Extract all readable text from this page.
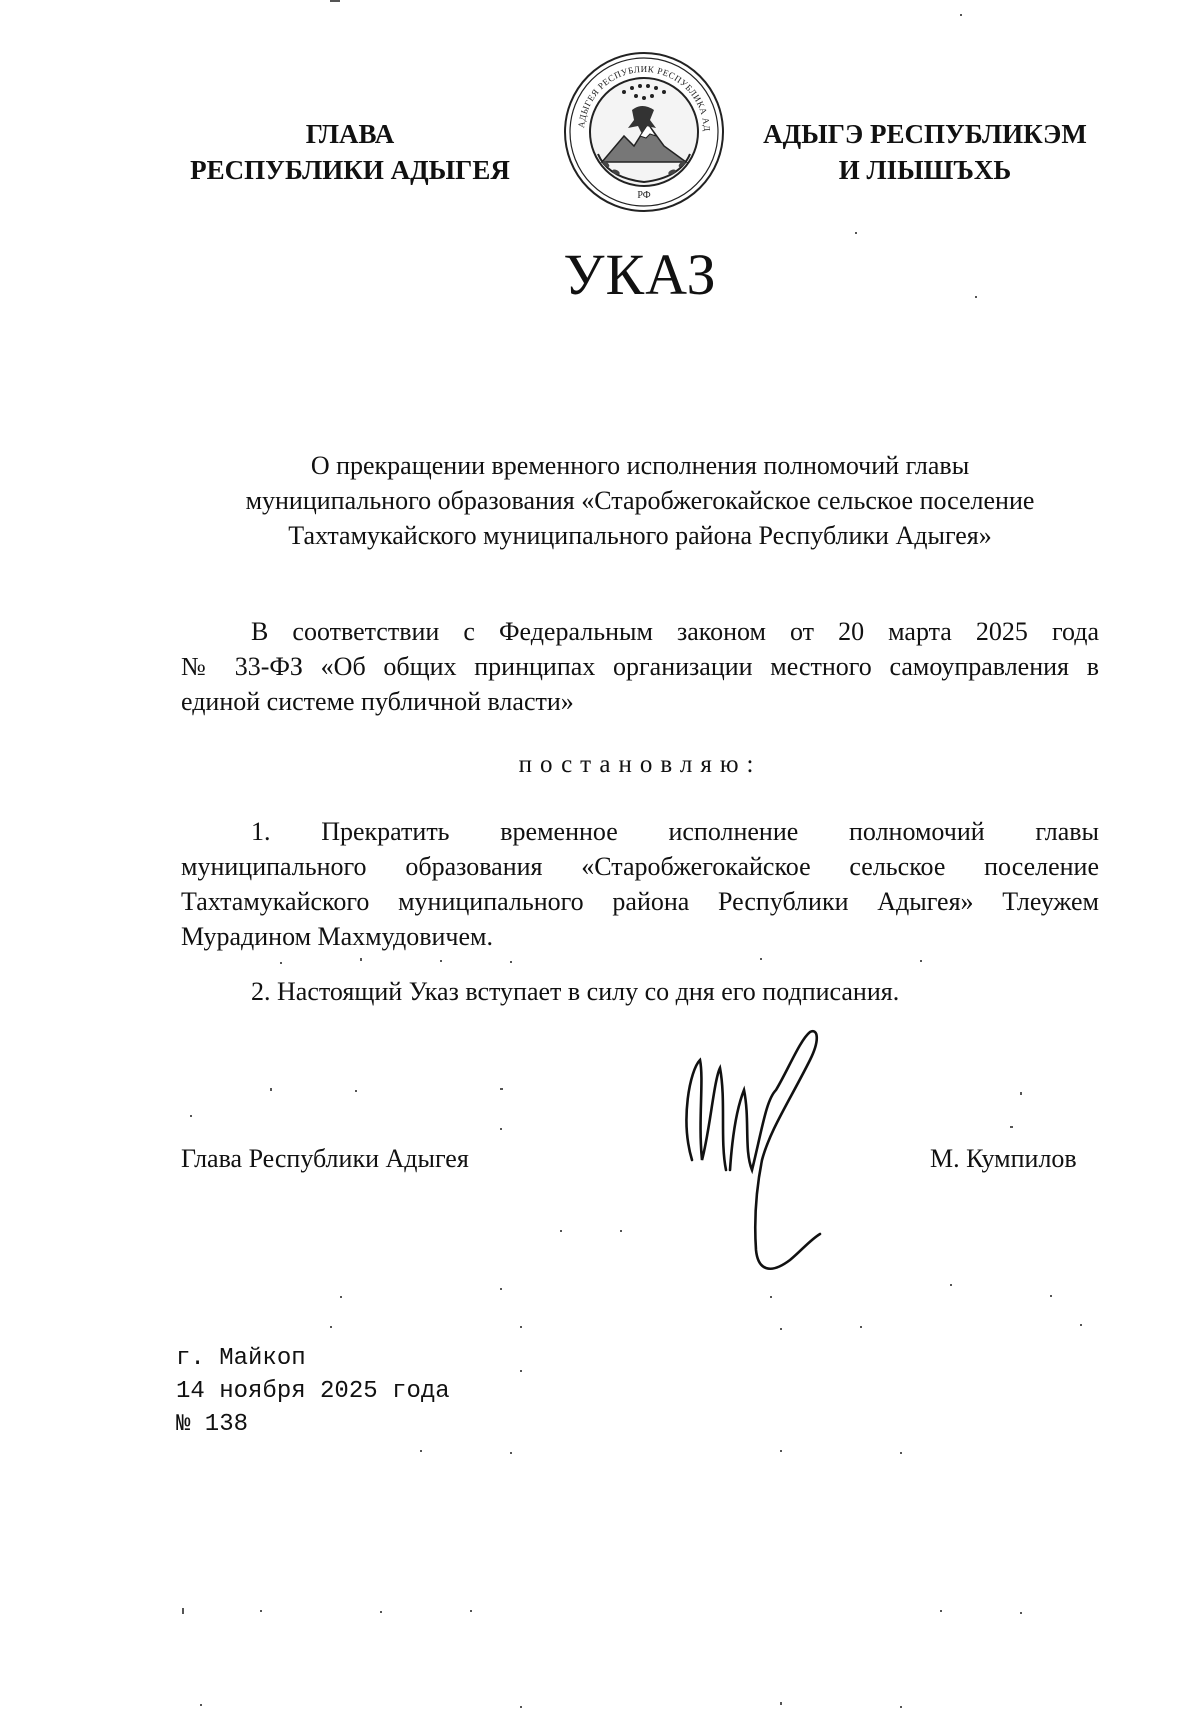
ГЛАВА
РЕСПУБЛИКИ АДЫГЕЯ
АДЫГЕЯ РЕСПУБЛИК РЕСПУБЛИКА АД
РФ
АДЫГЭ РЕСПУБЛИКЭМ
И ЛІЫШЪХЬ
УКАЗ
О прекращении временного исполнения полномочий главы
муниципального образования «Старобжегокайское сельское поселение
Тахтамукайского муниципального района Республики Адыгея»
В соответствии с Федеральным законом от 20 марта 2025 года
№ 33-ФЗ «Об общих принципах организации местного самоуправления в
единой системе публичной власти»
постановляю:
1. Прекратить временное исполнение полномочий главы
муниципального образования «Старобжегокайское сельское поселение
Тахтамукайского муниципального района Республики Адыгея» Тлеужем
Мурадином Махмудовичем.
2. Настоящий Указ вступает в силу со дня его подписания.
Глава Республики Адыгея	М. Кумпилов
г. Майкоп
14 ноября 2025 года
№ 138
